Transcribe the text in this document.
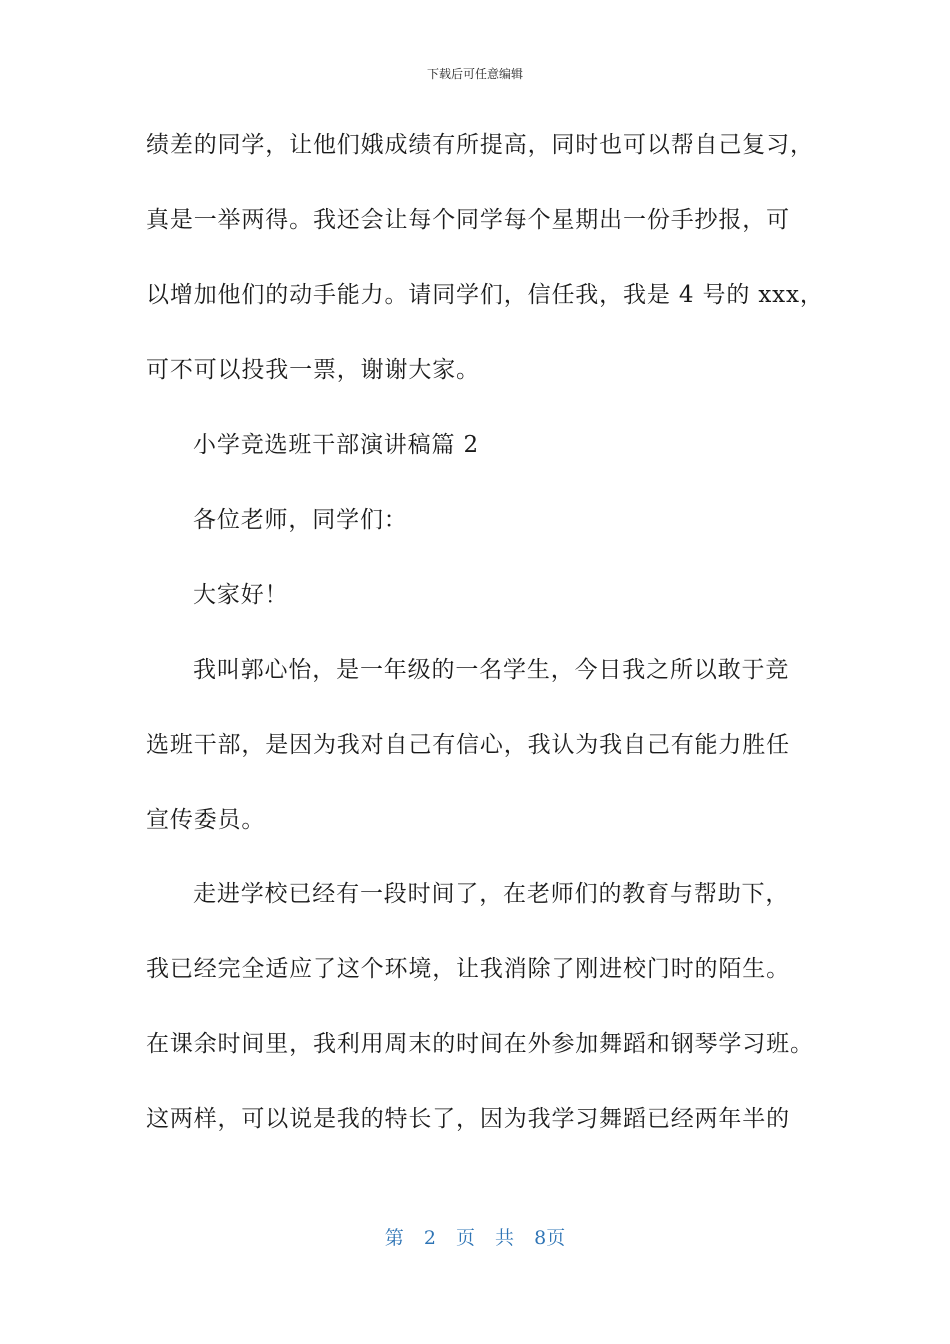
下载后可任意编辑
绩差的同学，让他们娥成绩有所提高，同时也可以帮自己复习，
真是一举两得。我还会让每个同学每个星期出一份手抄报，可
以增加他们的动手能力。请同学们，信任我，我是 4 号的 xxx，
可不可以投我一票，谢谢大家。
小学竞选班干部演讲稿篇 2
各位老师，同学们：
大家好！
我叫郭心怡，是一年级的一名学生，今日我之所以敢于竞
选班干部，是因为我对自己有信心，我认为我自己有能力胜任
宣传委员。
走进学校已经有一段时间了，在老师们的教育与帮助下，
我已经完全适应了这个环境，让我消除了刚进校门时的陌生。
在课余时间里，我利用周末的时间在外参加舞蹈和钢琴学习班。
这两样，可以说是我的特长了，因为我学习舞蹈已经两年半的
第 2 页 共 8页
